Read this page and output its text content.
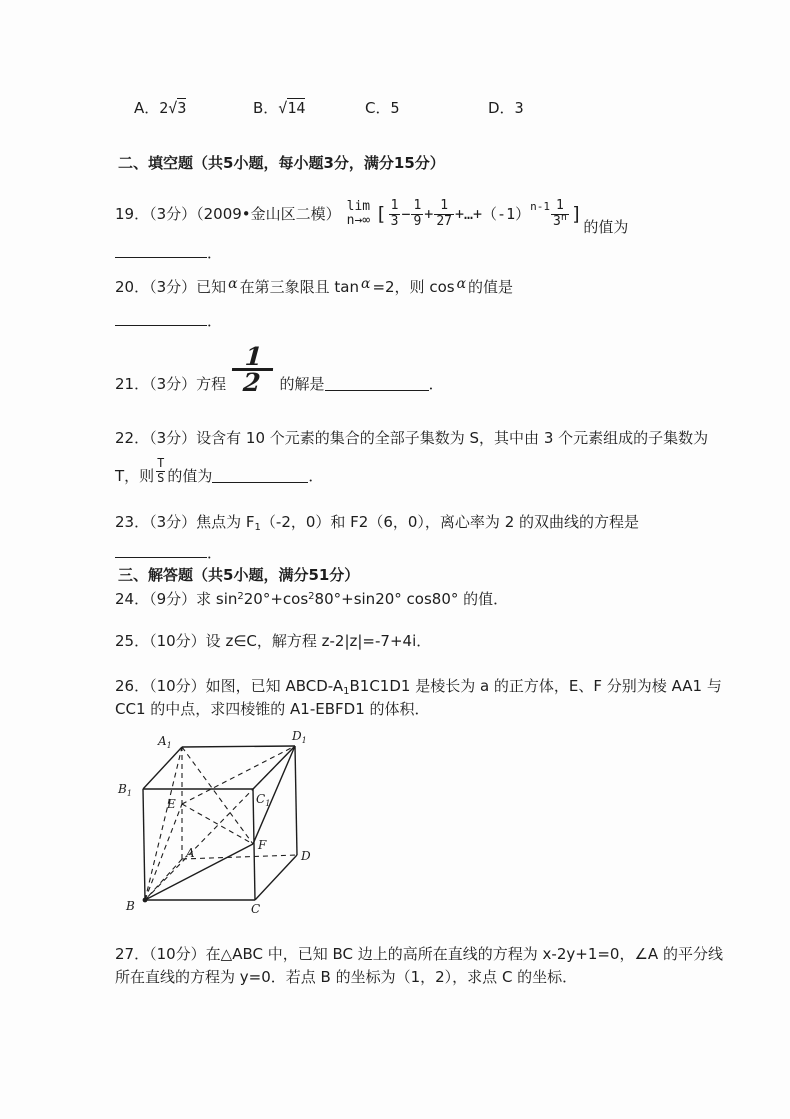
A．2√3	B．√14	C．5	D．3
二、填空题（共5小题，每小题3分，满分15分）
19．（3分）（2009•金山区二模） lim
n→∞ [ $\frac{1}{3} - \frac{1}{9} + \frac{1}{27}$ +…+（-1） $n-1 \frac{1}{3^n}$ ]
的值为
．
20．（3分）已知 α 在第三象限且 tan α =2，则 cos α 的值是
．
21．（3分）方程 $\frac{1}{2}$ 的解是	．
22．（3分）设含有 10 个元素的集合的全部子集数为 S，其中由 3 个元素组成的子集数为
T，则 $\frac{T}{S}$ 的值为	．
23．（3分）焦点为 $F_1(-2$，0）和 F2（6，0），离心率为 2 的双曲线的方程是
．
三、解答题（共5小题，满分51分）
24．（9分）求 $\sin^220^\circ+\cos^280^\circ+\sin 20^\circ$ cos80° 的值．
25．（10分）设 z∈C，解方程 z-2|z|=-7+4i．
26．（10分）如图，已知 ABCD-$A_1B1C1D1$ 是棱长为 a 的正方体，E、F 分别为棱 AA1 与
CC1 的中点，求四棱锥的 A1-EBFD1 的体积．
$A_1$
$D_1$
$B_1$	$C_1$
E
F
A	D
B	C
27．（10分）在△ABC 中，已知 BC 边上的高所在直线的方程为 x-2y+1=0，∠A 的平分线
所在直线的方程为 y=0．若点 B 的坐标为（1，2），求点 C 的坐标．
